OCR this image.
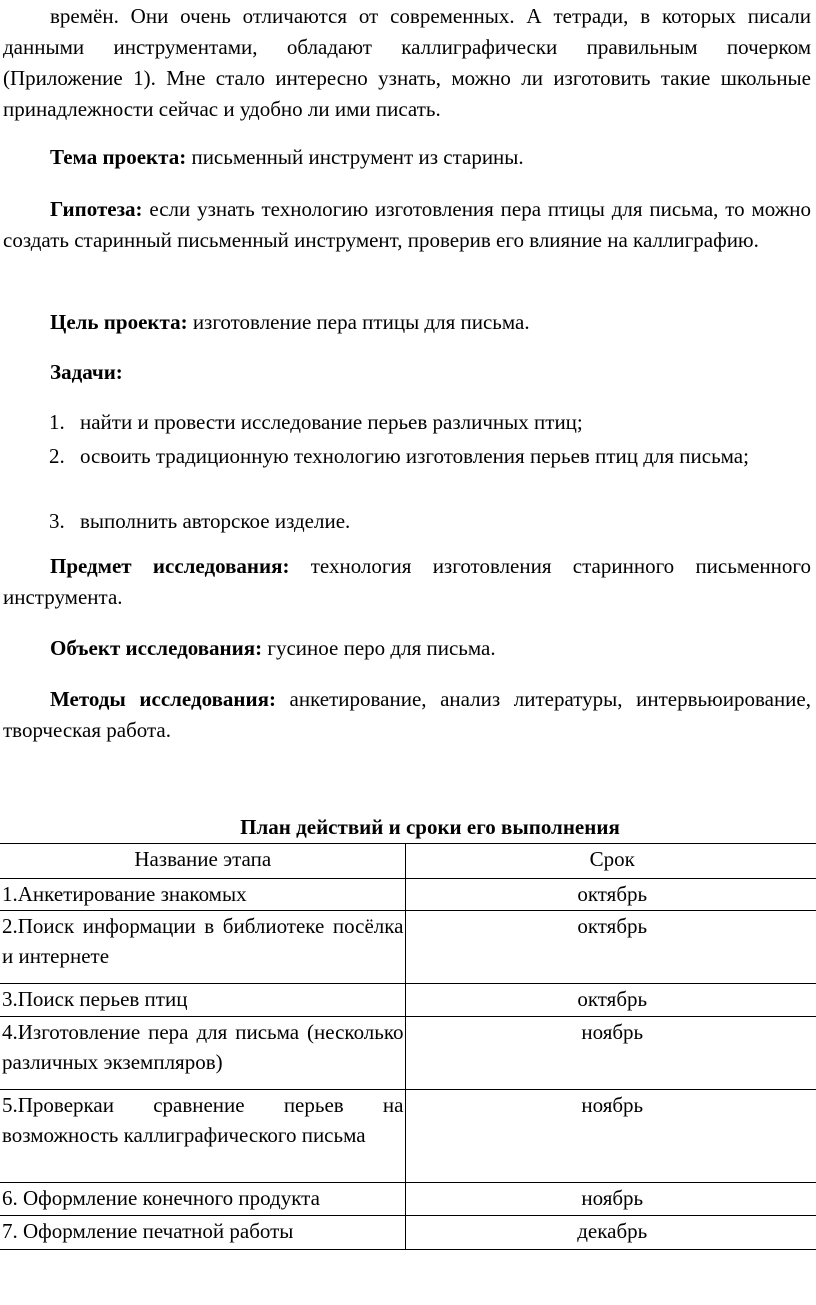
времён. Они очень отличаются от современных. А тетради, в которых писали данными инструментами, обладают каллиграфически правильным почерком (Приложение 1). Мне стало интересно узнать, можно ли изготовить такие школьные принадлежности сейчас и удобно ли ими писать.

Тема проекта: письменный инструмент из старины.

Гипотеза: если узнать технологию изготовления пера птицы для письма, то можно создать старинный письменный инструмент, проверив его влияние на каллиграфию.

Цель проекта: изготовление пера птицы для письма.

Задачи:

1. найти и провести исследование перьев различных птиц;
2. освоить традиционную технологию изготовления перьев птиц для письма;
3. выполнить авторское изделие.

Предмет исследования: технология изготовления старинного письменного инструмента.

Объект исследования: гусиное перо для письма.

Методы исследования: анкетирование, анализ литературы, интервьюирование, творческая работа.

План действий и сроки его выполнения
Название этапа	Срок
1.Анкетирование знакомых	октябрь
2.Поиск информации в библиотеке посёлка и интернете	октябрь
3.Поиск перьев птиц	октябрь
4.Изготовление пера для письма (несколько различных экземпляров)	ноябрь
5.Проверкаи сравнение перьев на возможность каллиграфического письма	ноябрь
6. Оформление конечного продукта	ноябрь
7. Оформление печатной работы	декабрь
